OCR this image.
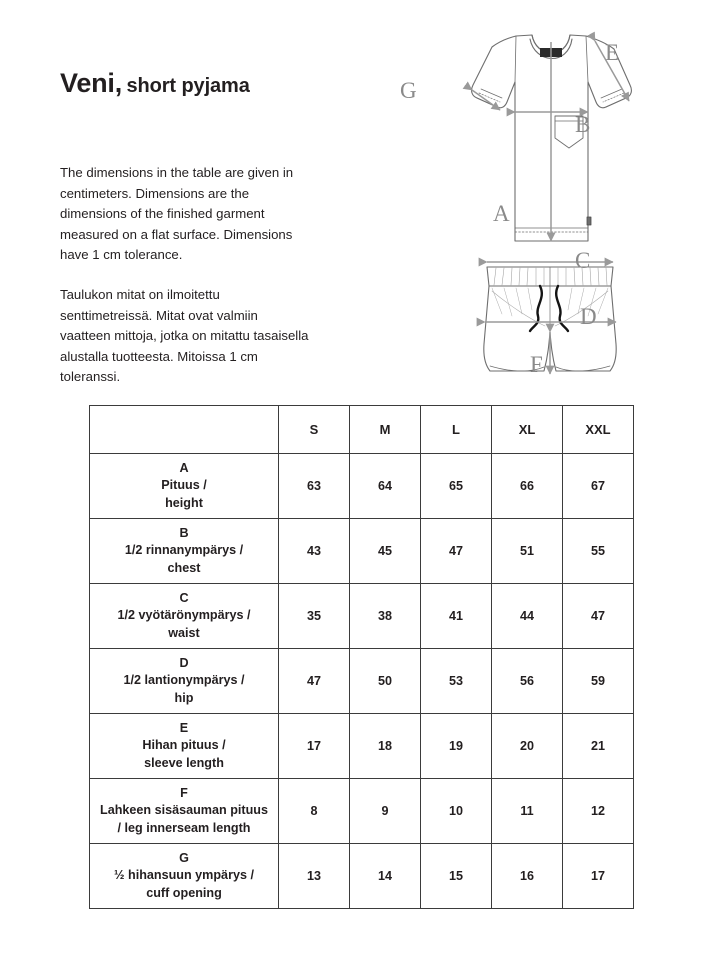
Veni, short pyjama

The dimensions in the table are given in centimeters. Dimensions are the dimensions of the finished garment measured on a flat surface. Dimensions have 1 cm tolerance.

Taulukon mitat on ilmoitettu senttimetreissä. Mitat ovat valmiin vaatteen mittoja, jotka on mitattu tasaisella alustalla tuotteesta. Mitoissa 1 cm toleranssi.

A
B
C
D
E
F
G
	S	M	L	XL	XXL

A
Pituus /
height	63	64	65	66	67

B
1/2 rinnanympärys /
chest	43	45	47	51	55

C
1/2 vyötärönympärys /
waist	35	38	41	44	47

D
1/2 lantionympärys /
hip	47	50	53	56	59

E
Hihan pituus /
sleeve length	17	18	19	20	21

F
Lahkeen sisäsauman pituus
/ leg innerseam length	8	9	10	11	12

G
½ hihansuun ympärys /
cuff opening	13	14	15	16	17
